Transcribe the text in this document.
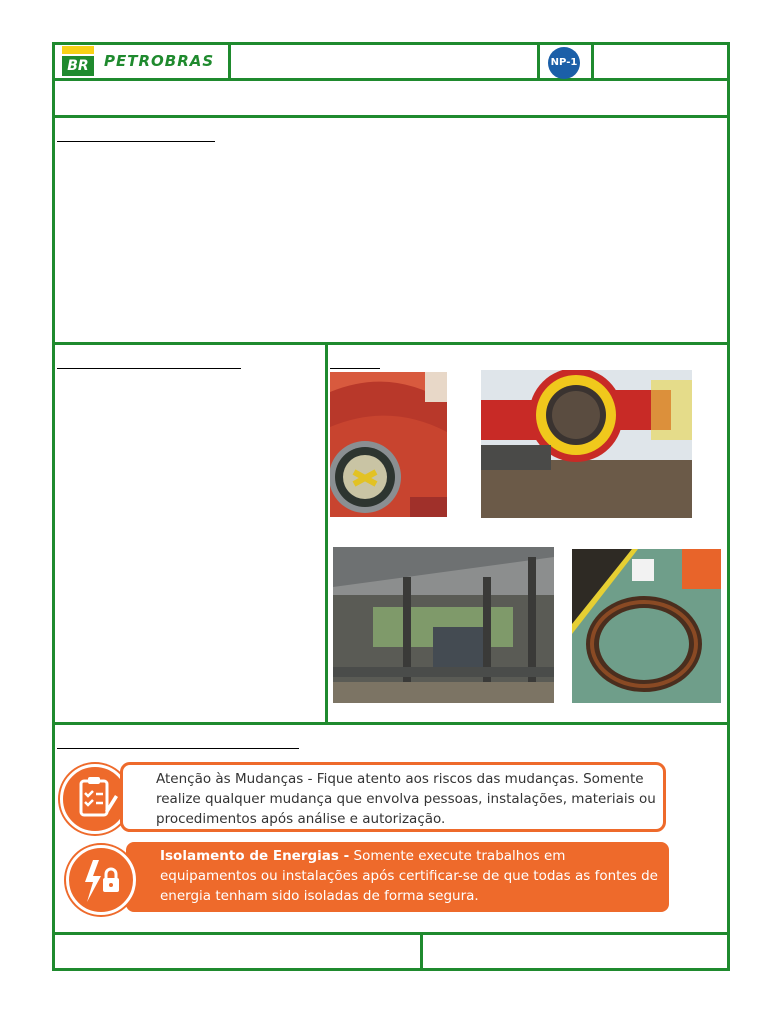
BR	PETROBRAS	NP-1
Atenção às Mudanças - Fique atento aos riscos das mudanças. Somente realize qualquer mudança que envolva pessoas, instalações, materiais ou procedimentos após análise e autorização.
Isolamento de Energias - Somente execute trabalhos em equipamentos ou instalações após certificar-se de que todas as fontes de energia tenham sido isoladas de forma segura.
